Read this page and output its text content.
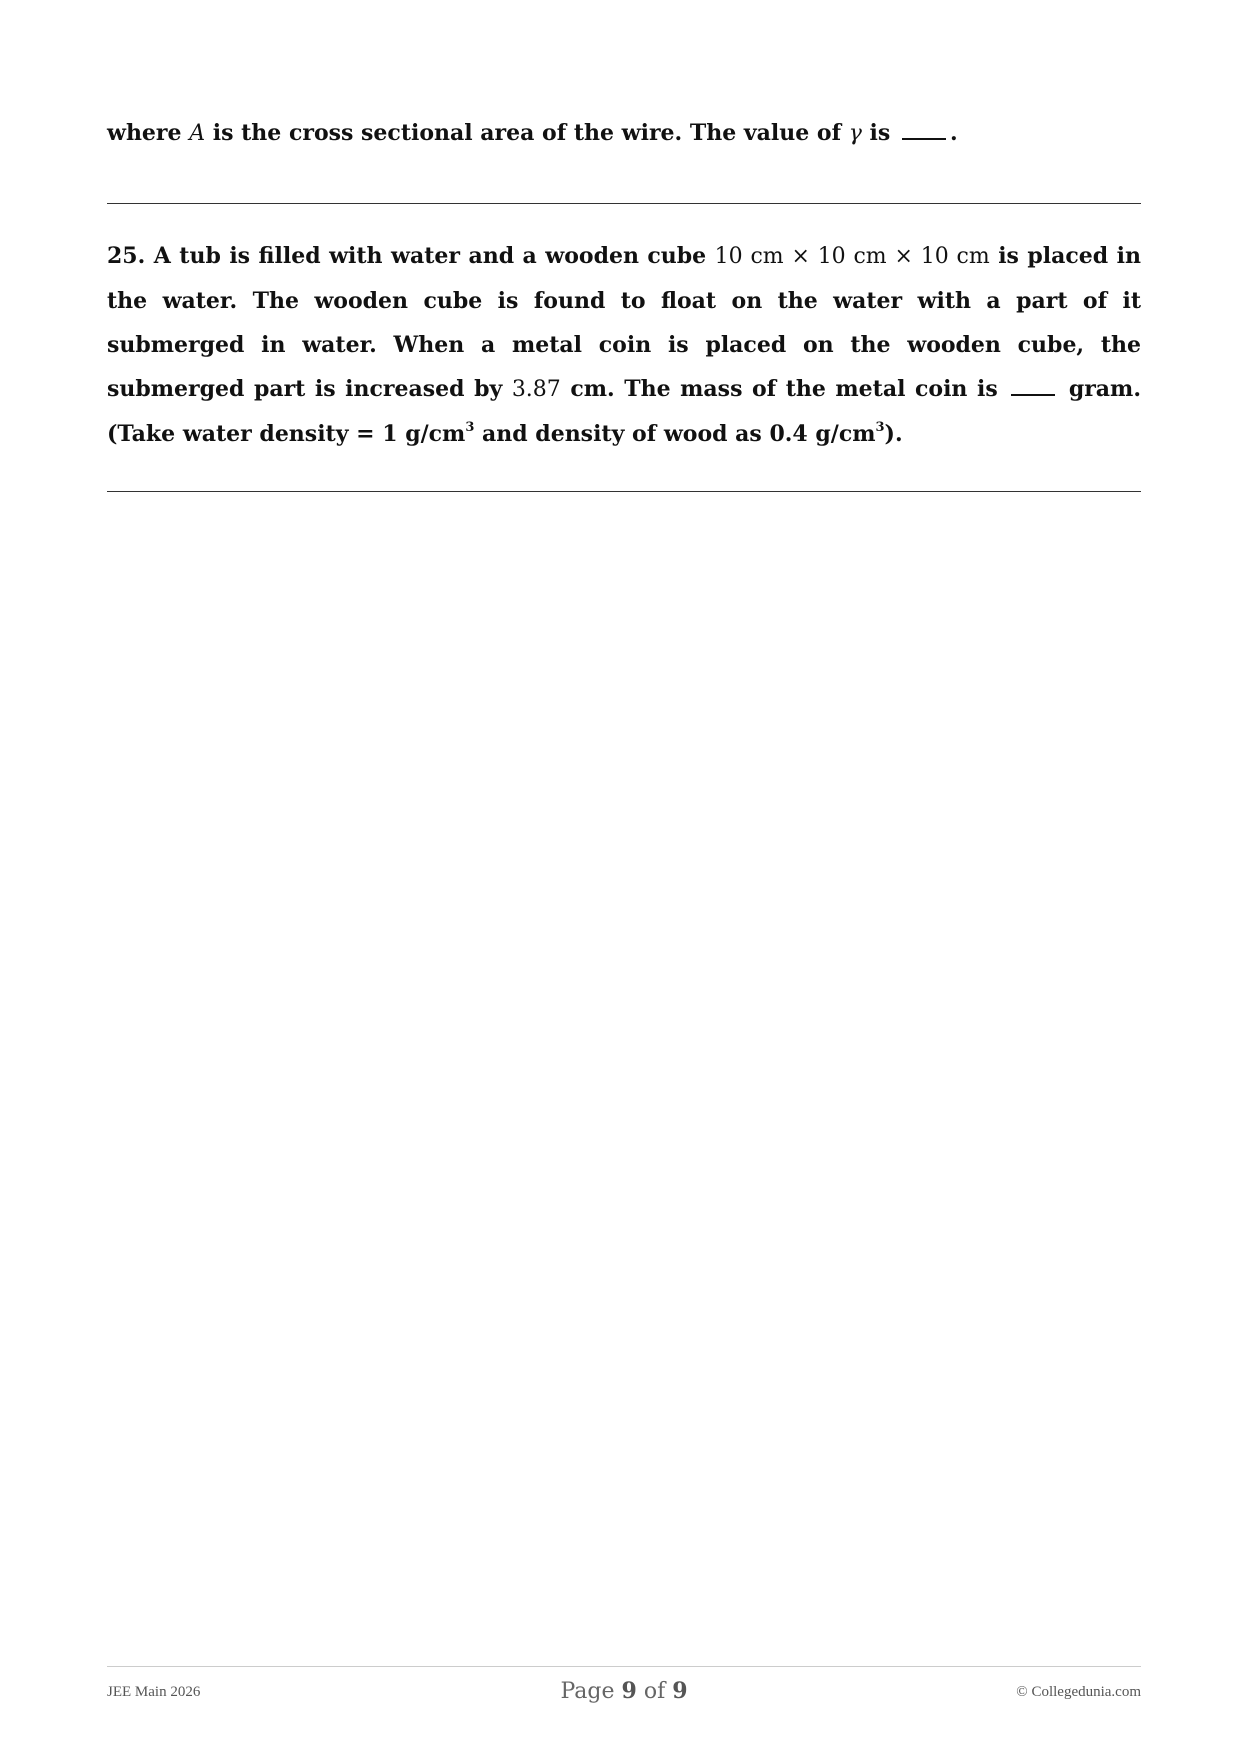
where A is the cross sectional area of the wire. The value of γ is .
25. A tub is filled with water and a wooden cube 10 cm × 10 cm × 10 cm is placed in the water. The wooden cube is found to float on the water with a part of it submerged in water. When a metal coin is placed on the wooden cube, the submerged part is increased by 3.87 cm. The mass of the metal coin is  gram. (Take water density = 1 $g/cm^3$ and density of wood as 0.4 $g/cm^3$).
JEE Main 2026	Page 9 of 9	© Collegedunia.com
